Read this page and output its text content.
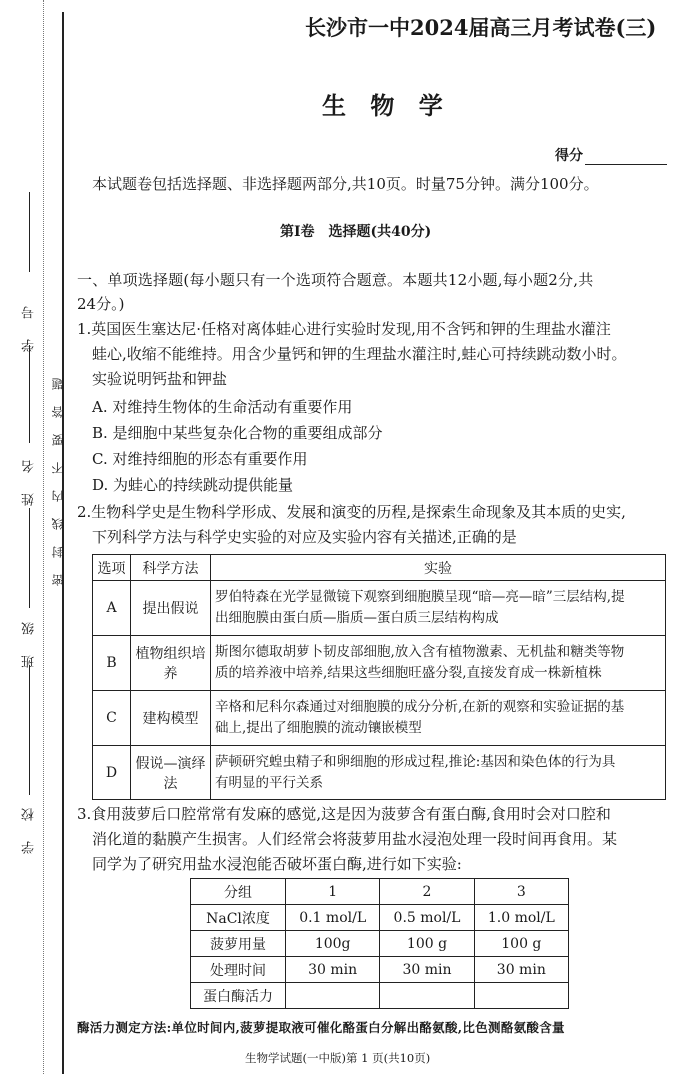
学 号
姓 名
班 级
学 校
密封线内不要答题
长沙市一中2024届高三月考试卷(三)
生 物 学
得分
本试题卷包括选择题、非选择题两部分,共10页。时量75分钟。满分100分。
第Ⅰ卷　选择题(共40分)
一、单项选择题(每小题只有一个选项符合题意。本题共12小题,每小题2分,共
24分。)
1.英国医生塞达尼·任格对离体蛙心进行实验时发现,用不含钙和钾的生理盐水灌注
蛙心,收缩不能维持。用含少量钙和钾的生理盐水灌注时,蛙心可持续跳动数小时。
实验说明钙盐和钾盐
A. 对维持生物体的生命活动有重要作用
B. 是细胞中某些复杂化合物的重要组成部分
C. 对维持细胞的形态有重要作用
D. 为蛙心的持续跳动提供能量
2.生物科学史是生物科学形成、发展和演变的历程,是探索生命现象及其本质的史实,
下列科学方法与科学史实验的对应及实验内容有关描述,正确的是
选项	科学方法	实验
A	提出假说	罗伯特森在光学显微镜下观察到细胞膜呈现“暗—亮—暗”三层结构,提
出细胞膜由蛋白质—脂质—蛋白质三层结构构成

B	植物组织培养	斯图尔德取胡萝卜韧皮部细胞,放入含有植物激素、无机盐和糖类等物
质的培养液中培养,结果这些细胞旺盛分裂,直接发育成一株新植株

C	建构模型	辛格和尼科尔森通过对细胞膜的成分分析,在新的观察和实验证据的基
础上,提出了细胞膜的流动镶嵌模型

D	假说—演绎法	萨顿研究蝗虫精子和卵细胞的形成过程,推论:基因和染色体的行为具
有明显的平行关系
3.食用菠萝后口腔常常有发麻的感觉,这是因为菠萝含有蛋白酶,食用时会对口腔和
消化道的黏膜产生损害。人们经常会将菠萝用盐水浸泡处理一段时间再食用。某
同学为了研究用盐水浸泡能否破坏蛋白酶,进行如下实验:
分组	1	2	3
NaCl浓度	0.1 mol/L	0.5 mol/L	1.0 mol/L
菠萝用量	100g	100 g	100 g
处理时间	30 min	30 min	30 min
蛋白酶活力			
酶活力测定方法:单位时间内,菠萝提取液可催化酪蛋白分解出酪氨酸,比色测酪氨酸含量
生物学试题(一中版)第 1 页(共10页)
